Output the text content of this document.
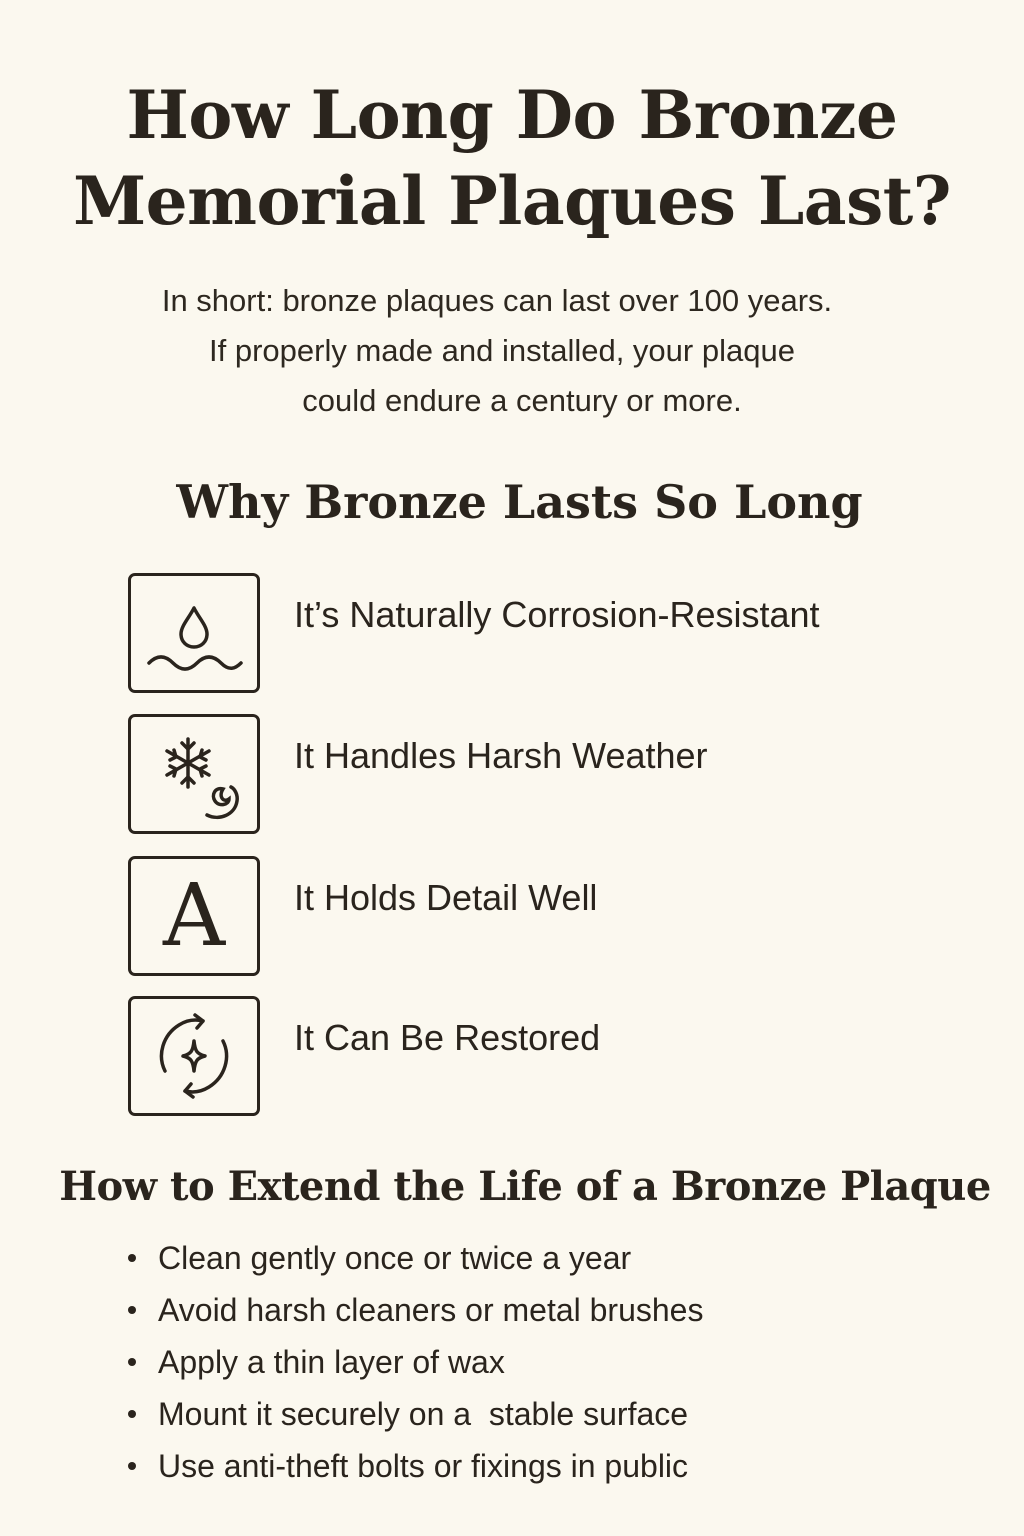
How Long Do Bronze
Memorial Plaques Last?
In short: bronze plaques can last over 100 years.
If properly made and installed, your plaque
could endure a century or more.
Why Bronze Lasts So Long
It’s Naturally Corrosion-Resistant
It Handles Harsh Weather
A	It Holds Detail Well
It Can Be Restored
How to Extend the Life of a Bronze Plaque
Clean gently once or twice a year
Avoid harsh cleaners or metal brushes
Apply a thin layer of wax
Mount it securely on a  stable surface
Use anti-theft bolts or fixings in public
